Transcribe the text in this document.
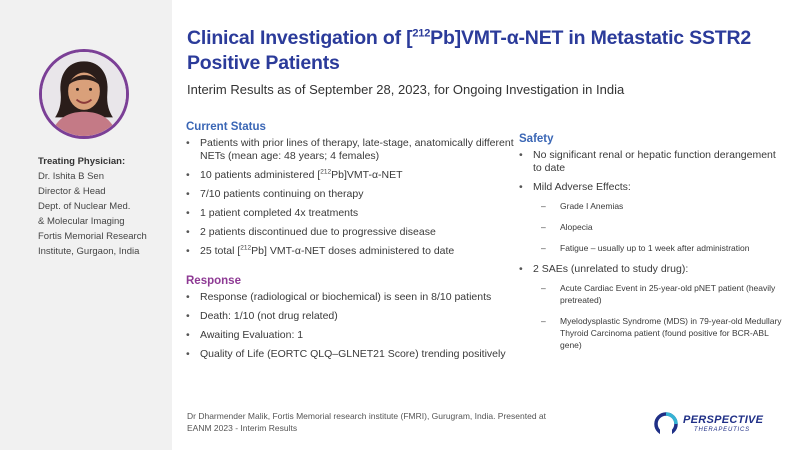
Treating Physician:
Dr. Ishita B Sen
Director & Head
Dept. of Nuclear Med.
& Molecular Imaging
Fortis Memorial Research
Institute, Gurgaon, India
Clinical Investigation of [$^{212}$Pb]VMT-α-NET in Metastatic SSTR2
Positive Patients
Interim Results as of September 28, 2023, for Ongoing Investigation in India
Current Status
• Patients with prior lines of therapy, late-stage, anatomically different NETs (mean age: 48 years; 4 females)
• 10 patients administered [$^{212}$Pb]VMT-α-NET
• 7/10 patients continuing on therapy
• 1 patient completed 4x treatments
• 2 patients discontinued due to progressive disease
• 25 total [$^{212}$Pb] VMT-α-NET doses administered to date
Response
• Response (radiological or biochemical) is seen in 8/10 patients
• Death: 1/10 (not drug related)
• Awaiting Evaluation: 1
• Quality of Life (EORTC QLQ–GLNET21 Score) trending positively
Safety
• No significant renal or hepatic function derangement to date
• Mild Adverse Effects:
– Grade I Anemias
– Alopecia
– Fatigue – usually up to 1 week after administration
• 2 SAEs (unrelated to study drug):
– Acute Cardiac Event in 25-year-old pNET patient (heavily pretreated)
– Myelodysplastic Syndrome (MDS) in 79-year-old Medullary Thyroid Carcinoma patient (found positive for BCR-ABL gene)
Dr Dharmender Malik, Fortis Memorial research institute (FMRI), Gurugram, India. Presented at
EANM 2023 - Interim Results
PERSPECTIVE
THERAPEUTICS
